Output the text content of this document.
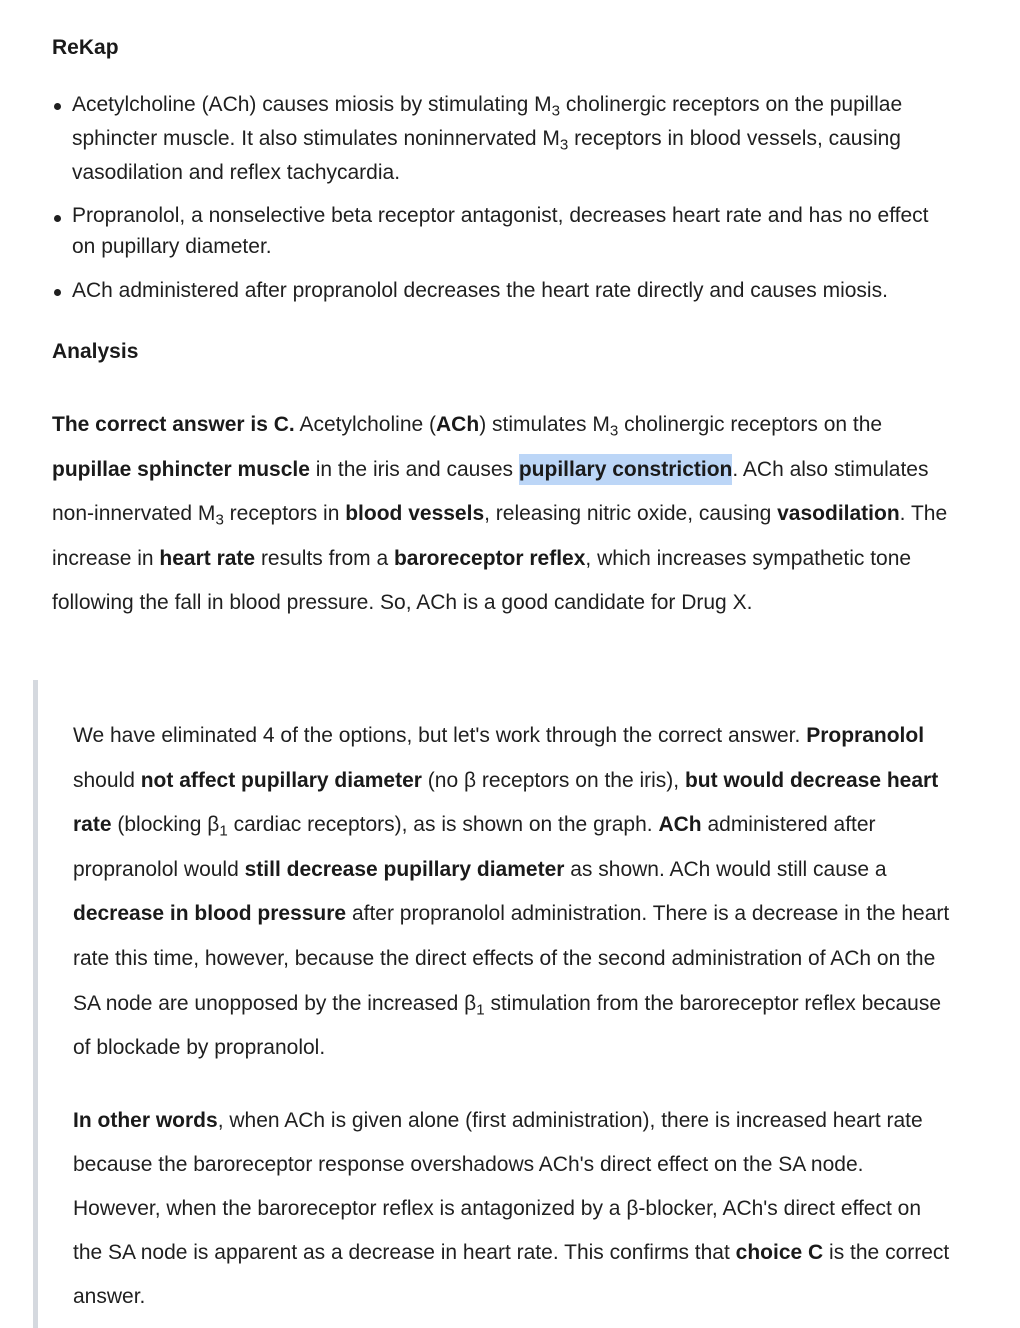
ReKap
Acetylcholine (ACh) causes miosis by stimulating $M_3$ cholinergic receptors on the pupillae sphincter muscle. It also stimulates noninnervated $M_3$ receptors in blood vessels, causing vasodilation and reflex tachycardia.
Propranolol, a nonselective beta receptor antagonist, decreases heart rate and has no effect on pupillary diameter.
ACh administered after propranolol decreases the heart rate directly and causes miosis.
Analysis

The correct answer is C. Acetylcholine (ACh) stimulates $M_3$ cholinergic receptors on the pupillae sphincter muscle in the iris and causes pupillary constriction. ACh also stimulates non-innervated $M_3$ receptors in blood vessels, releasing nitric oxide, causing vasodilation. The increase in heart rate results from a baroreceptor reflex, which increases sympathetic tone following the fall in blood pressure. So, ACh is a good candidate for Drug X.

We have eliminated 4 of the options, but let's work through the correct answer. Propranolol should not affect pupillary diameter (no β receptors on the iris), but would decrease heart rate (blocking $\beta_1$ cardiac receptors), as is shown on the graph. ACh administered after propranolol would still decrease pupillary diameter as shown. ACh would still cause a decrease in blood pressure after propranolol administration. There is a decrease in the heart rate this time, however, because the direct effects of the second administration of ACh on the SA node are unopposed by the increased $\beta_1$ stimulation from the baroreceptor reflex because of blockade by propranolol.

In other words, when ACh is given alone (first administration), there is increased heart rate because the baroreceptor response overshadows ACh's direct effect on the SA node. However, when the baroreceptor reflex is antagonized by a β-blocker, ACh's direct effect on the SA node is apparent as a decrease in heart rate. This confirms that choice C is the correct answer.
